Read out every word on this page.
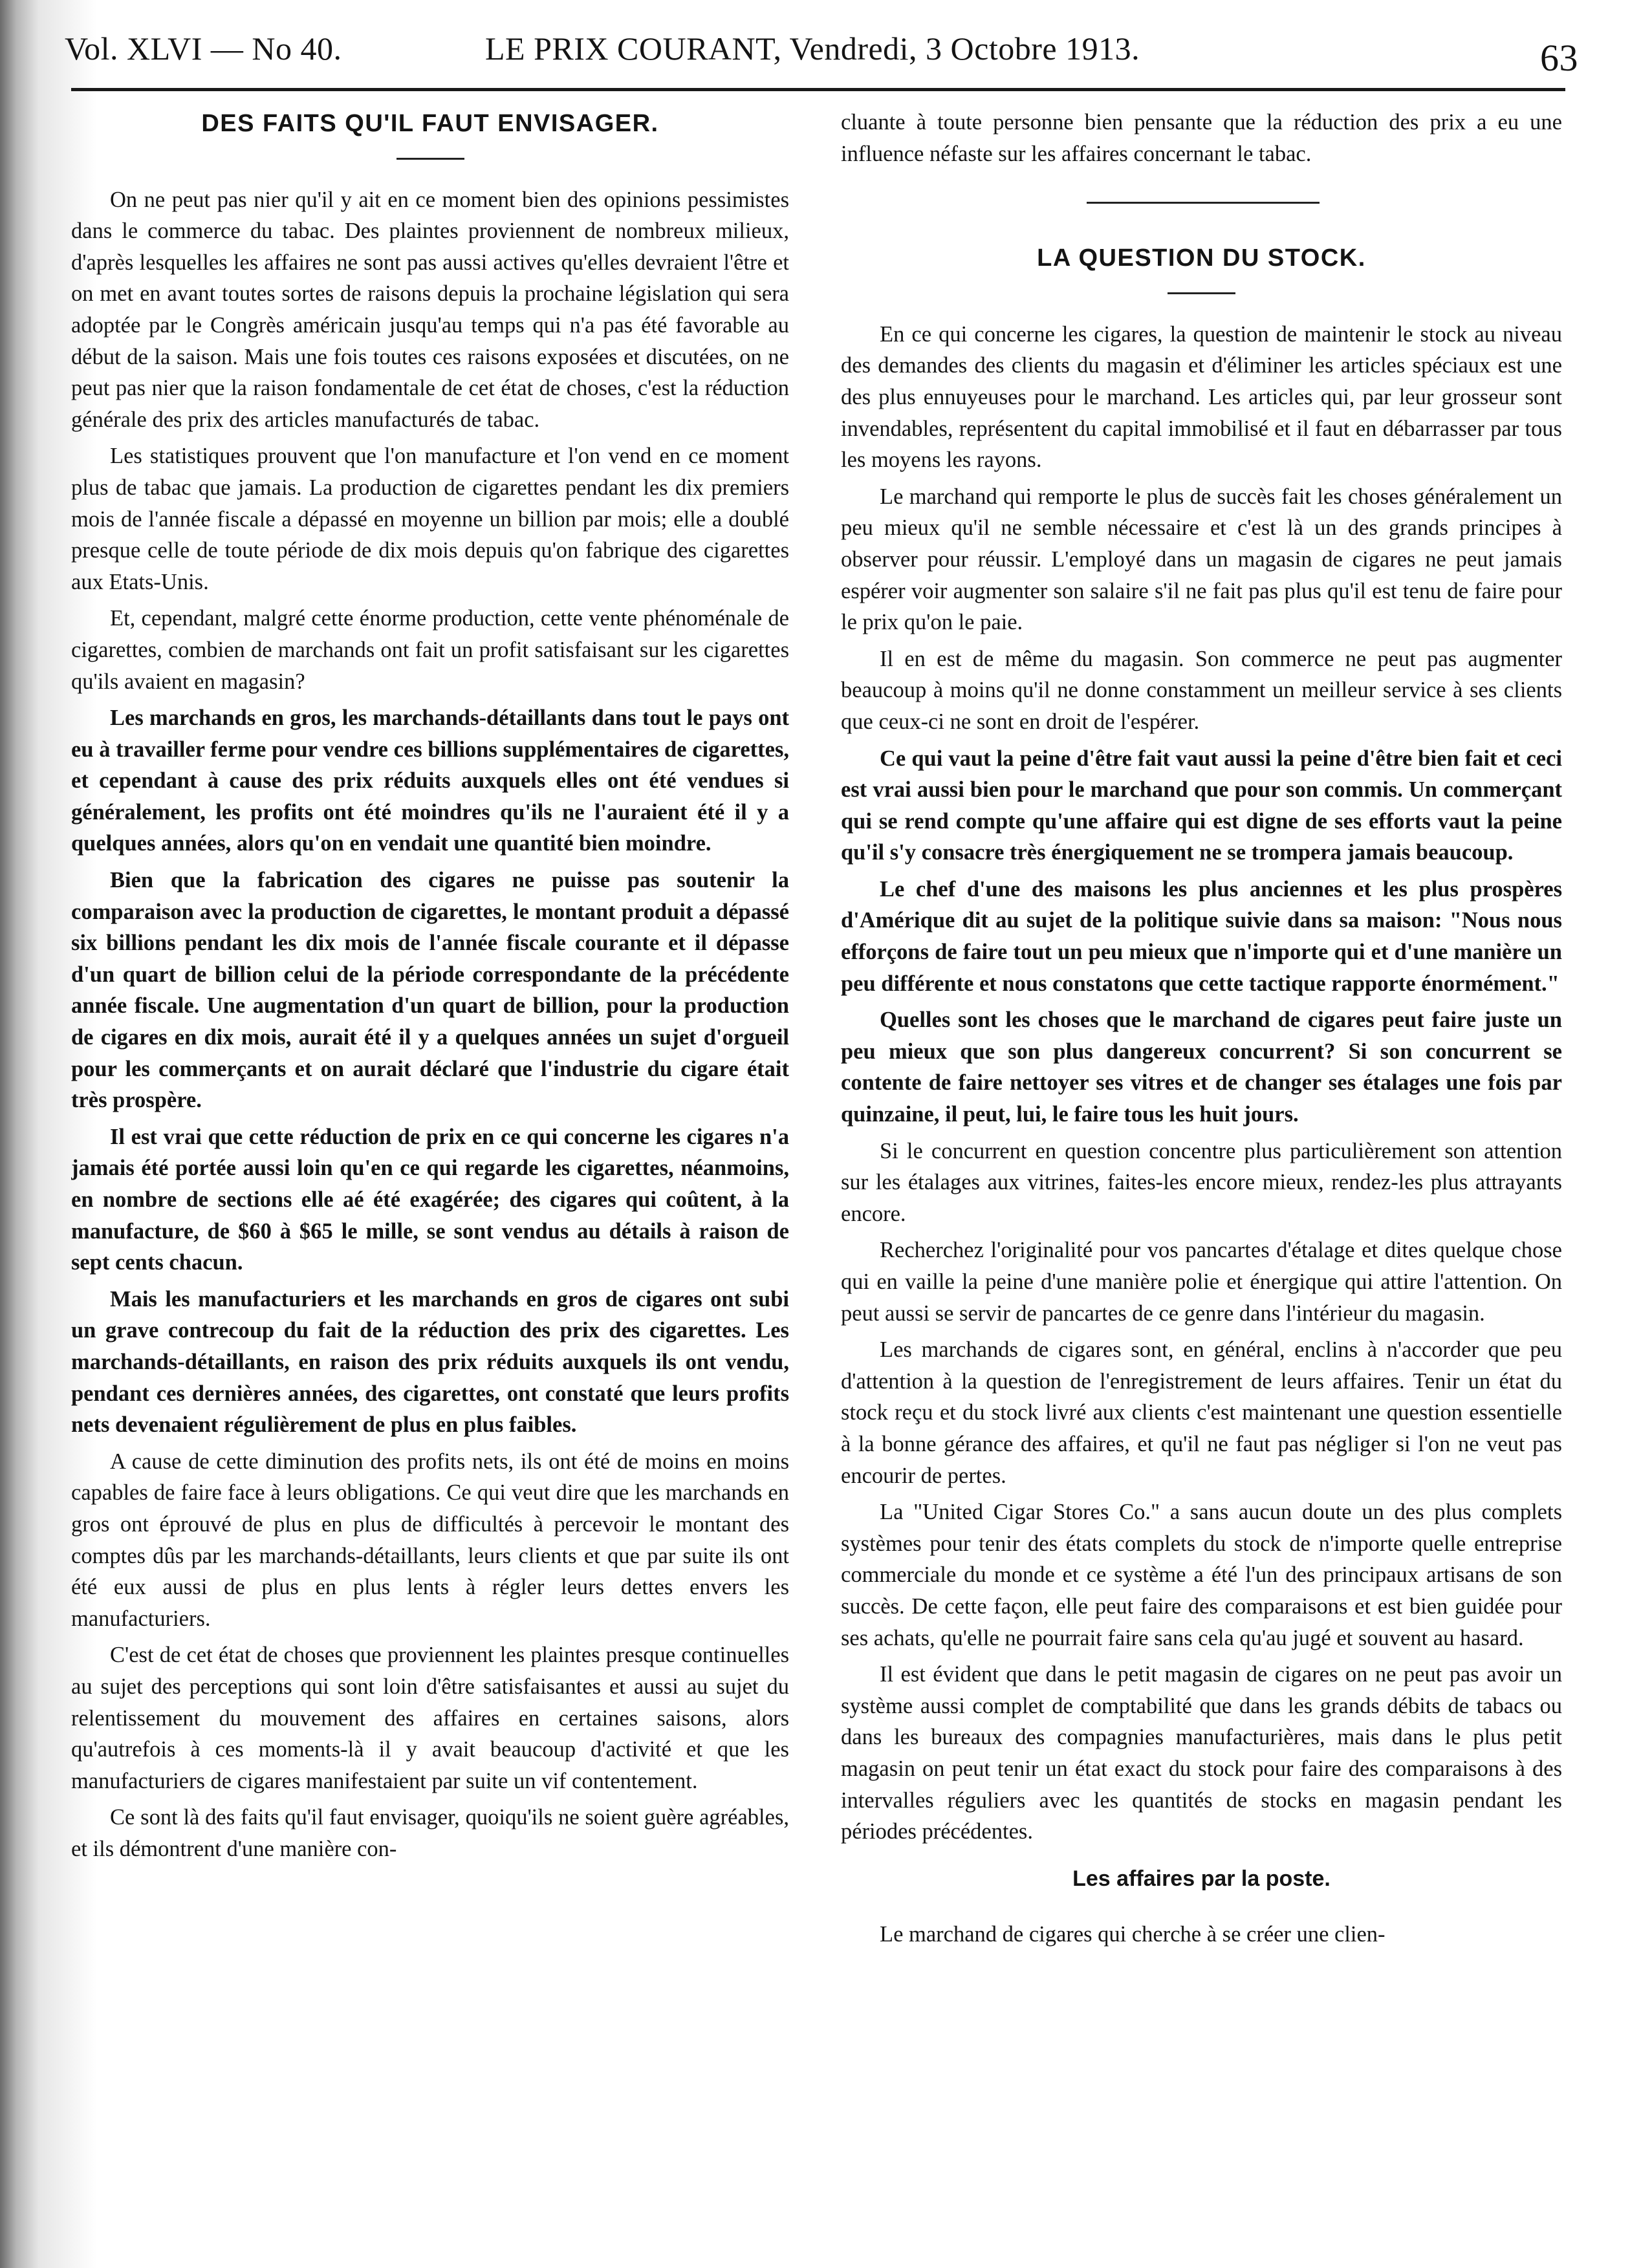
Vol. XLVI — No 40.	LE PRIX COURANT, Vendredi, 3 Octobre 1913.	63
DES FAITS QU'IL FAUT ENVISAGER.

On ne peut pas nier qu'il y ait en ce moment bien des opinions pessimistes dans le commerce du tabac. Des plaintes proviennent de nombreux milieux, d'après lesquelles les affaires ne sont pas aussi actives qu'elles devraient l'être et on met en avant toutes sortes de raisons depuis la prochaine législation qui sera adoptée par le Congrès américain jusqu'au temps qui n'a pas été favorable au début de la saison. Mais une fois toutes ces raisons exposées et discutées, on ne peut pas nier que la raison fondamentale de cet état de choses, c'est la réduction générale des prix des articles manufacturés de tabac.

Les statistiques prouvent que l'on manufacture et l'on vend en ce moment plus de tabac que jamais. La production de cigarettes pendant les dix premiers mois de l'année fiscale a dépassé en moyenne un billion par mois; elle a doublé presque celle de toute période de dix mois depuis qu'on fabrique des cigarettes aux Etats-Unis.

Et, cependant, malgré cette énorme production, cette vente phénoménale de cigarettes, combien de marchands ont fait un profit satisfaisant sur les cigarettes qu'ils avaient en magasin?

Les marchands en gros, les marchands-détaillants dans tout le pays ont eu à travailler ferme pour vendre ces billions supplémentaires de cigarettes, et cependant à cause des prix réduits auxquels elles ont été vendues si généralement, les profits ont été moindres qu'ils ne l'auraient été il y a quelques années, alors qu'on en vendait une quantité bien moindre.

Bien que la fabrication des cigares ne puisse pas soutenir la comparaison avec la production de cigarettes, le montant produit a dépassé six billions pendant les dix mois de l'année fiscale courante et il dépasse d'un quart de billion celui de la période correspondante de la précédente année fiscale. Une augmentation d'un quart de billion, pour la production de cigares en dix mois, aurait été il y a quelques années un sujet d'orgueil pour les commerçants et on aurait déclaré que l'industrie du cigare était très prospère.

Il est vrai que cette réduction de prix en ce qui concerne les cigares n'a jamais été portée aussi loin qu'en ce qui regarde les cigarettes, néanmoins, en nombre de sections elle aé été exagérée; des cigares qui coûtent, à la manufacture, de $60 à $65 le mille, se sont vendus au détails à raison de sept cents chacun.

Mais les manufacturiers et les marchands en gros de cigares ont subi un grave contrecoup du fait de la réduction des prix des cigarettes. Les marchands-détaillants, en raison des prix réduits auxquels ils ont vendu, pendant ces dernières années, des cigarettes, ont constaté que leurs profits nets devenaient régulièrement de plus en plus faibles.

A cause de cette diminution des profits nets, ils ont été de moins en moins capables de faire face à leurs obligations. Ce qui veut dire que les marchands en gros ont éprouvé de plus en plus de difficultés à percevoir le montant des comptes dûs par les marchands-détaillants, leurs clients et que par suite ils ont été eux aussi de plus en plus lents à régler leurs dettes envers les manufacturiers.

C'est de cet état de choses que proviennent les plaintes presque continuelles au sujet des perceptions qui sont loin d'être satisfaisantes et aussi au sujet du relentissement du mouvement des affaires en certaines saisons, alors qu'autrefois à ces moments-là il y avait beaucoup d'activité et que les manufacturiers de cigares manifestaient par suite un vif contentement.

Ce sont là des faits qu'il faut envisager, quoiqu'ils ne soient guère agréables, et ils démontrent d'une manière con-

cluante à toute personne bien pensante que la réduction des prix a eu une influence néfaste sur les affaires concernant le tabac.

LA QUESTION DU STOCK.

En ce qui concerne les cigares, la question de maintenir le stock au niveau des demandes des clients du magasin et d'éliminer les articles spéciaux est une des plus ennuyeuses pour le marchand. Les articles qui, par leur grosseur sont invendables, représentent du capital immobilisé et il faut en débarrasser par tous les moyens les rayons.

Le marchand qui remporte le plus de succès fait les choses généralement un peu mieux qu'il ne semble nécessaire et c'est là un des grands principes à observer pour réussir. L'employé dans un magasin de cigares ne peut jamais espérer voir augmenter son salaire s'il ne fait pas plus qu'il est tenu de faire pour le prix qu'on le paie.

Il en est de même du magasin. Son commerce ne peut pas augmenter beaucoup à moins qu'il ne donne constamment un meilleur service à ses clients que ceux-ci ne sont en droit de l'espérer.

Ce qui vaut la peine d'être fait vaut aussi la peine d'être bien fait et ceci est vrai aussi bien pour le marchand que pour son commis. Un commerçant qui se rend compte qu'une affaire qui est digne de ses efforts vaut la peine qu'il s'y consacre très énergiquement ne se trompera jamais beaucoup.

Le chef d'une des maisons les plus anciennes et les plus prospères d'Amérique dit au sujet de la politique suivie dans sa maison: "Nous nous efforçons de faire tout un peu mieux que n'importe qui et d'une manière un peu différente et nous constatons que cette tactique rapporte énormément."

Quelles sont les choses que le marchand de cigares peut faire juste un peu mieux que son plus dangereux concurrent? Si son concurrent se contente de faire nettoyer ses vitres et de changer ses étalages une fois par quinzaine, il peut, lui, le faire tous les huit jours.

Si le concurrent en question concentre plus particulièrement son attention sur les étalages aux vitrines, faites-les encore mieux, rendez-les plus attrayants encore.

Recherchez l'originalité pour vos pancartes d'étalage et dites quelque chose qui en vaille la peine d'une manière polie et énergique qui attire l'attention. On peut aussi se servir de pancartes de ce genre dans l'intérieur du magasin.

Les marchands de cigares sont, en général, enclins à n'accorder que peu d'attention à la question de l'enregistrement de leurs affaires. Tenir un état du stock reçu et du stock livré aux clients c'est maintenant une question essentielle à la bonne gérance des affaires, et qu'il ne faut pas négliger si l'on ne veut pas encourir de pertes.

La "United Cigar Stores Co." a sans aucun doute un des plus complets systèmes pour tenir des états complets du stock de n'importe quelle entreprise commerciale du monde et ce système a été l'un des principaux artisans de son succès. De cette façon, elle peut faire des comparaisons et est bien guidée pour ses achats, qu'elle ne pourrait faire sans cela qu'au jugé et souvent au hasard.

Il est évident que dans le petit magasin de cigares on ne peut pas avoir un système aussi complet de comptabilité que dans les grands débits de tabacs ou dans les bureaux des compagnies manufacturières, mais dans le plus petit magasin on peut tenir un état exact du stock pour faire des comparaisons à des intervalles réguliers avec les quantités de stocks en magasin pendant les périodes précédentes.

Les affaires par la poste.

Le marchand de cigares qui cherche à se créer une clien-
